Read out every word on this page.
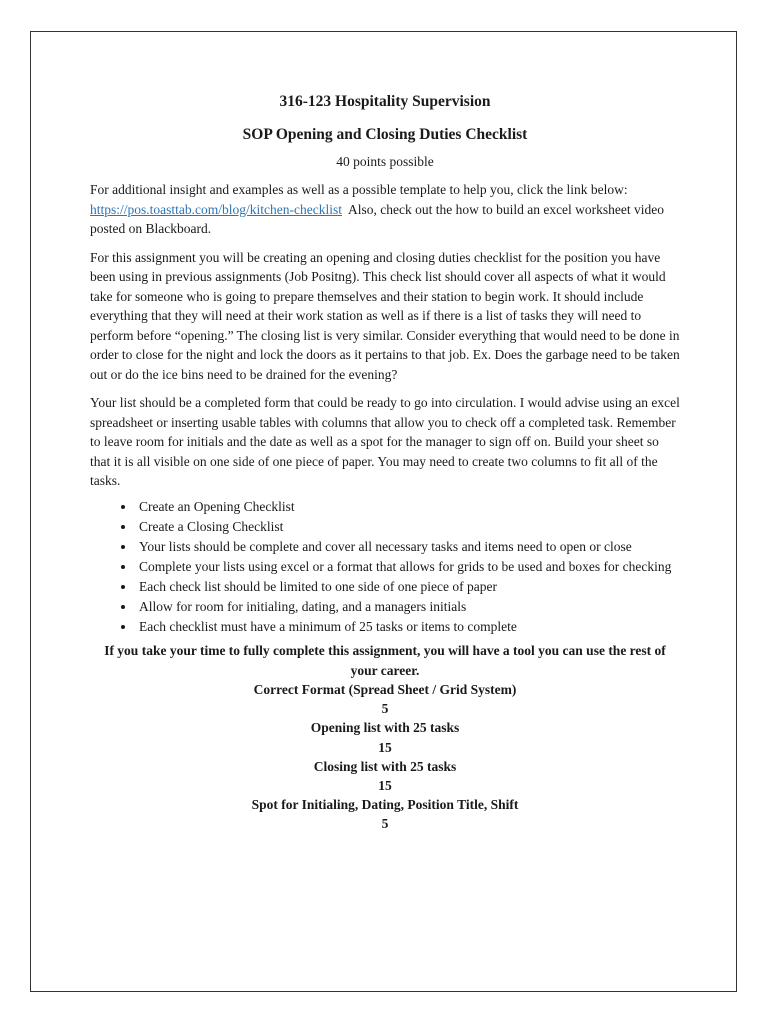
316-123 Hospitality Supervision

SOP Opening and Closing Duties Checklist

40 points possible

For additional insight and examples as well as a possible template to help you, click the link below:  https://pos.toasttab.com/blog/kitchen-checklist Also, check out the how to build an excel worksheet video posted on Blackboard.

For this assignment you will be creating an opening and closing duties checklist for the position you have been using in previous assignments (Job Positng). This check list should cover all aspects of what it would take for someone who is going to prepare themselves and their station to begin work. It should include everything that they will need at their work station as well as if there is a list of tasks they will need to perform before “opening.” The closing list is very similar. Consider everything that would need to be done in order to close for the night and lock the doors as it pertains to that job. Ex. Does the garbage need to be taken out or do the ice bins need to be drained for the evening?

Your list should be a completed form that could be ready to go into circulation. I would advise using an excel spreadsheet or inserting usable tables with columns that allow you to check off a completed task. Remember to leave room for initials and the date as well as a spot for the manager to sign off on. Build your sheet so that it is all visible on one side of one piece of paper. You may need to create two columns to fit all of the tasks.

• Create an Opening Checklist
• Create a Closing Checklist
• Your lists should be complete and cover all necessary tasks and items need to open or close
• Complete your lists using excel or a format that allows for grids to be used and boxes for checking
• Each check list should be limited to one side of one piece of paper
• Allow for room for initialing, dating, and a managers initials
• Each checklist must have a minimum of 25 tasks or items to complete

If you take your time to fully complete this assignment, you will have a tool you can use the rest of your career.

Correct Format (Spread Sheet / Grid System)

5

Opening list with 25 tasks

15

Closing list with 25 tasks

15

Spot for Initialing, Dating, Position Title, Shift

5
